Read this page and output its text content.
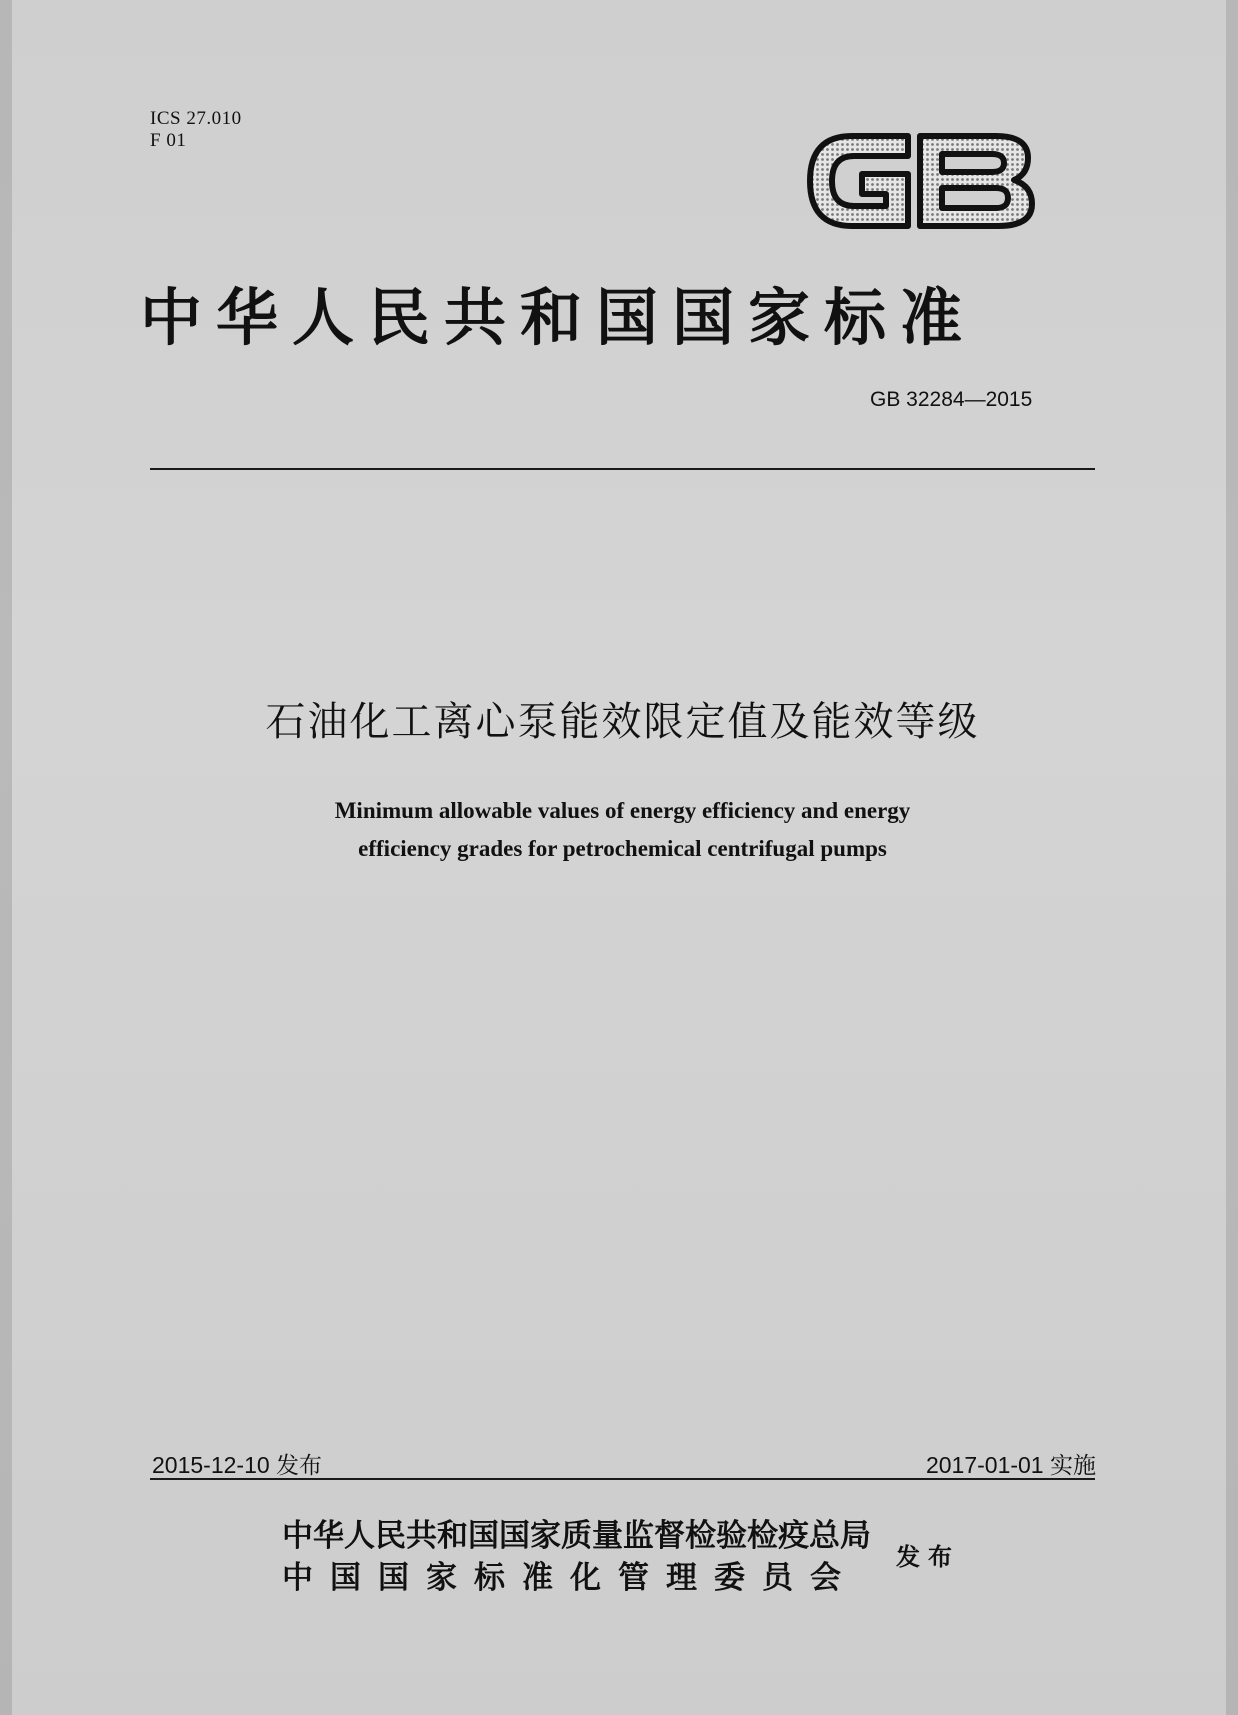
ICS 27.010
F 01
中华人民共和国国家标准
GB 32284—2015
石油化工离心泵能效限定值及能效等级
Minimum allowable values of energy efficiency and energy
efficiency grades for petrochemical centrifugal pumps
2015-12-10 发布	2017-01-01 实施
中华人民共和国国家质量监督检验检疫总局
中国国家标准化管理委员会
发布
